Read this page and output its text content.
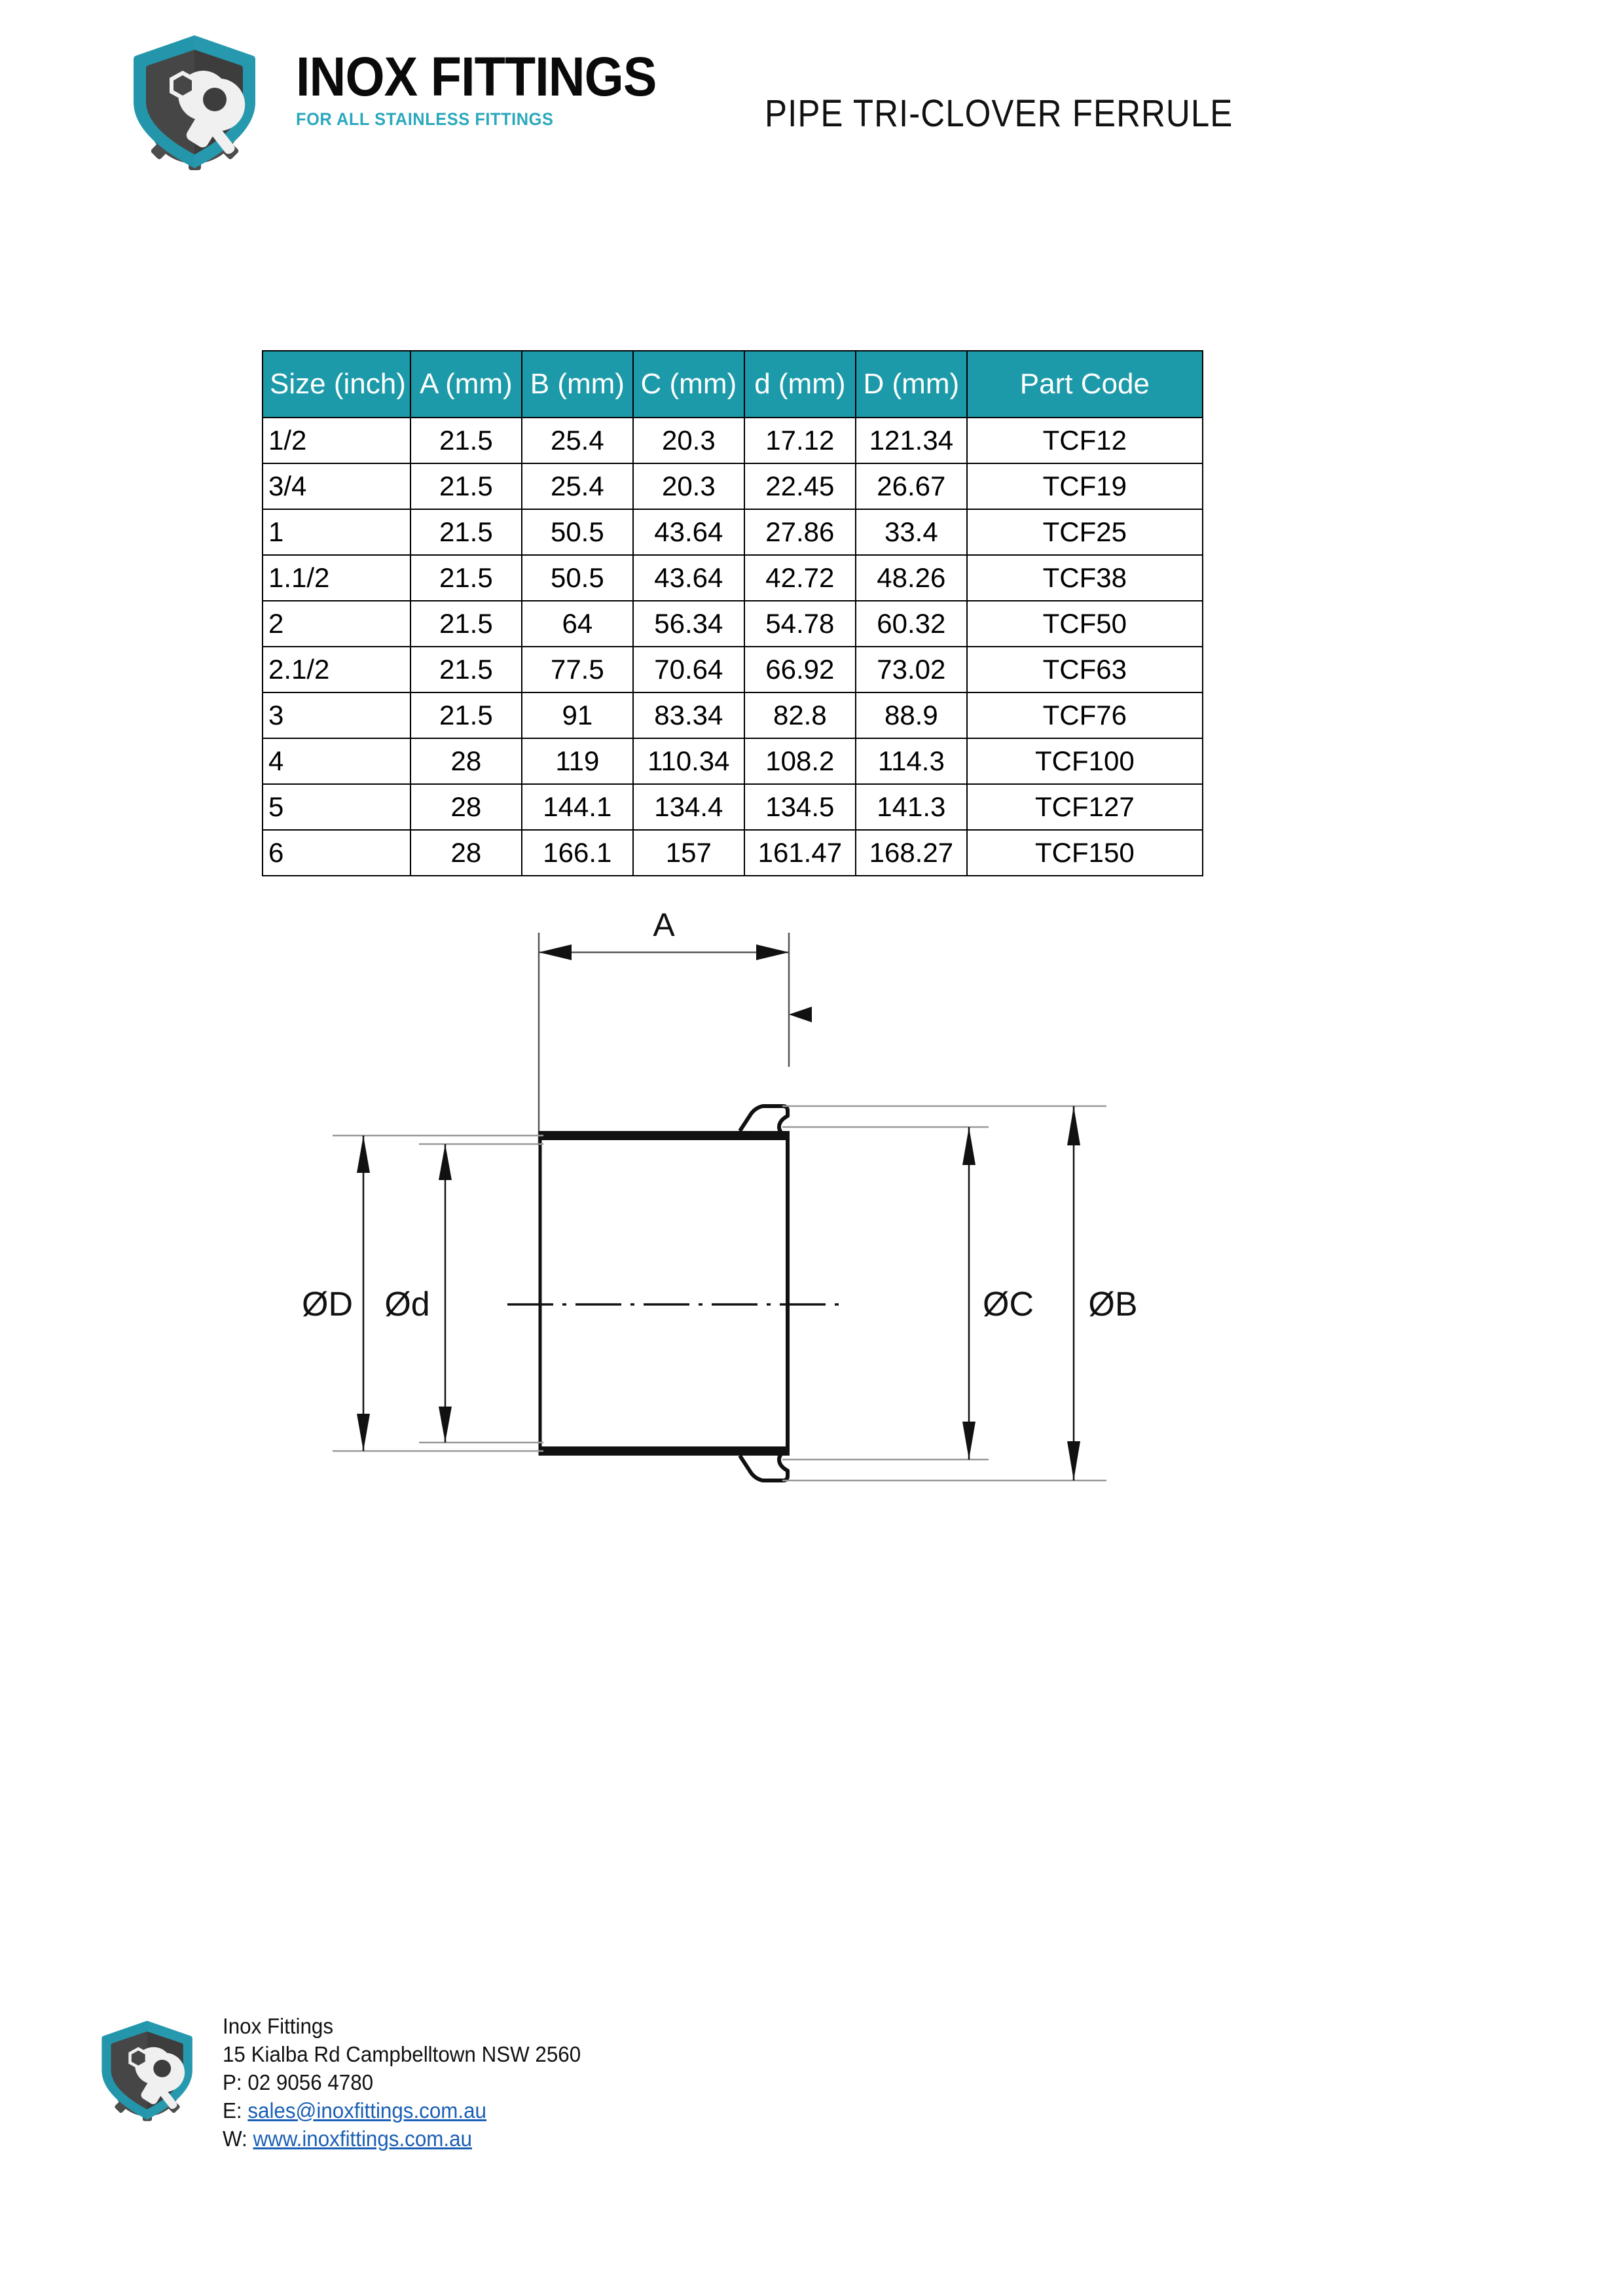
INOX FITTINGS
FOR ALL STAINLESS FITTINGS	PIPE TRI-CLOVER FERRULE
Size (inch)	A (mm)	B (mm)	C (mm)	d (mm)	D (mm)	Part Code
1/2	21.5	25.4	20.3	17.12	121.34	TCF12
3/4	21.5	25.4	20.3	22.45	26.67	TCF19
1	21.5	50.5	43.64	27.86	33.4	TCF25
1.1/2	21.5	50.5	43.64	42.72	48.26	TCF38
2	21.5	64	56.34	54.78	60.32	TCF50
2.1/2	21.5	77.5	70.64	66.92	73.02	TCF63
3	21.5	91	83.34	82.8	88.9	TCF76
4	28	119	110.34	108.2	114.3	TCF100
5	28	144.1	134.4	134.5	141.3	TCF127
6	28	166.1	157	161.47	168.27	TCF150
A
ØD Ød	ØC ØB
Inox Fittings
15 Kialba Rd Campbelltown NSW 2560
P: 02 9056 4780
E: sales@inoxfittings.com.au
W: www.inoxfittings.com.au
